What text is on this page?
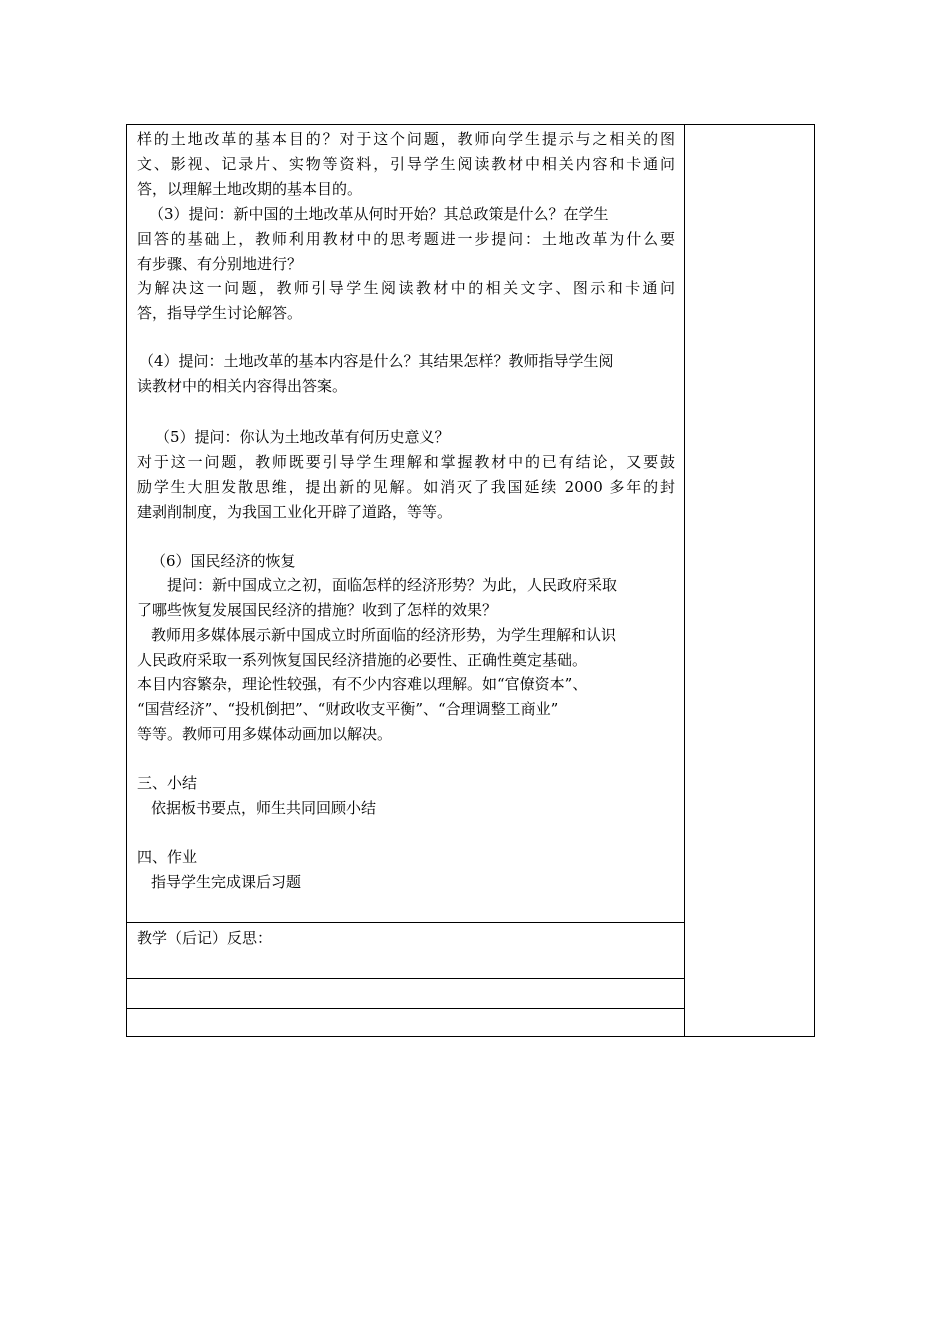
样的土地改革的基本目的？对于这个问题，教师向学生提示与之相关的图
文、影视、记录片、实物等资料，引导学生阅读教材中相关内容和卡通问
答，以理解土地改期的基本目的。
（3）提问：新中国的土地改革从何时开始？其总政策是什么？在学生
回答的基础上，教师利用教材中的思考题进一步提问：土地改革为什么要
有步骤、有分别地进行？
为解决这一问题，教师引导学生阅读教材中的相关文字、图示和卡通问
答，指导学生讨论解答。
（4）提问：土地改革的基本内容是什么？其结果怎样？教师指导学生阅
读教材中的相关内容得出答案。
（5）提问：你认为土地改革有何历史意义？
对于这一问题，教师既要引导学生理解和掌握教材中的已有结论，又要鼓
励学生大胆发散思维，提出新的见解。如消灭了我国延续 2000 多年的封
建剥削制度，为我国工业化开辟了道路，等等。
（6）国民经济的恢复
提问：新中国成立之初，面临怎样的经济形势？为此，人民政府采取
了哪些恢复发展国民经济的措施？收到了怎样的效果？
教师用多媒体展示新中国成立时所面临的经济形势，为学生理解和认识
人民政府采取一系列恢复国民经济措施的必要性、正确性奠定基础。
本目内容繁杂，理论性较强，有不少内容难以理解。如“官僚资本”、
“国营经济”、“投机倒把”、“财政收支平衡”、“合理调整工商业”
等等。教师可用多媒体动画加以解决。
三、小结
依据板书要点，师生共同回顾小结
四、作业
指导学生完成课后习题
教学（后记）反思：
